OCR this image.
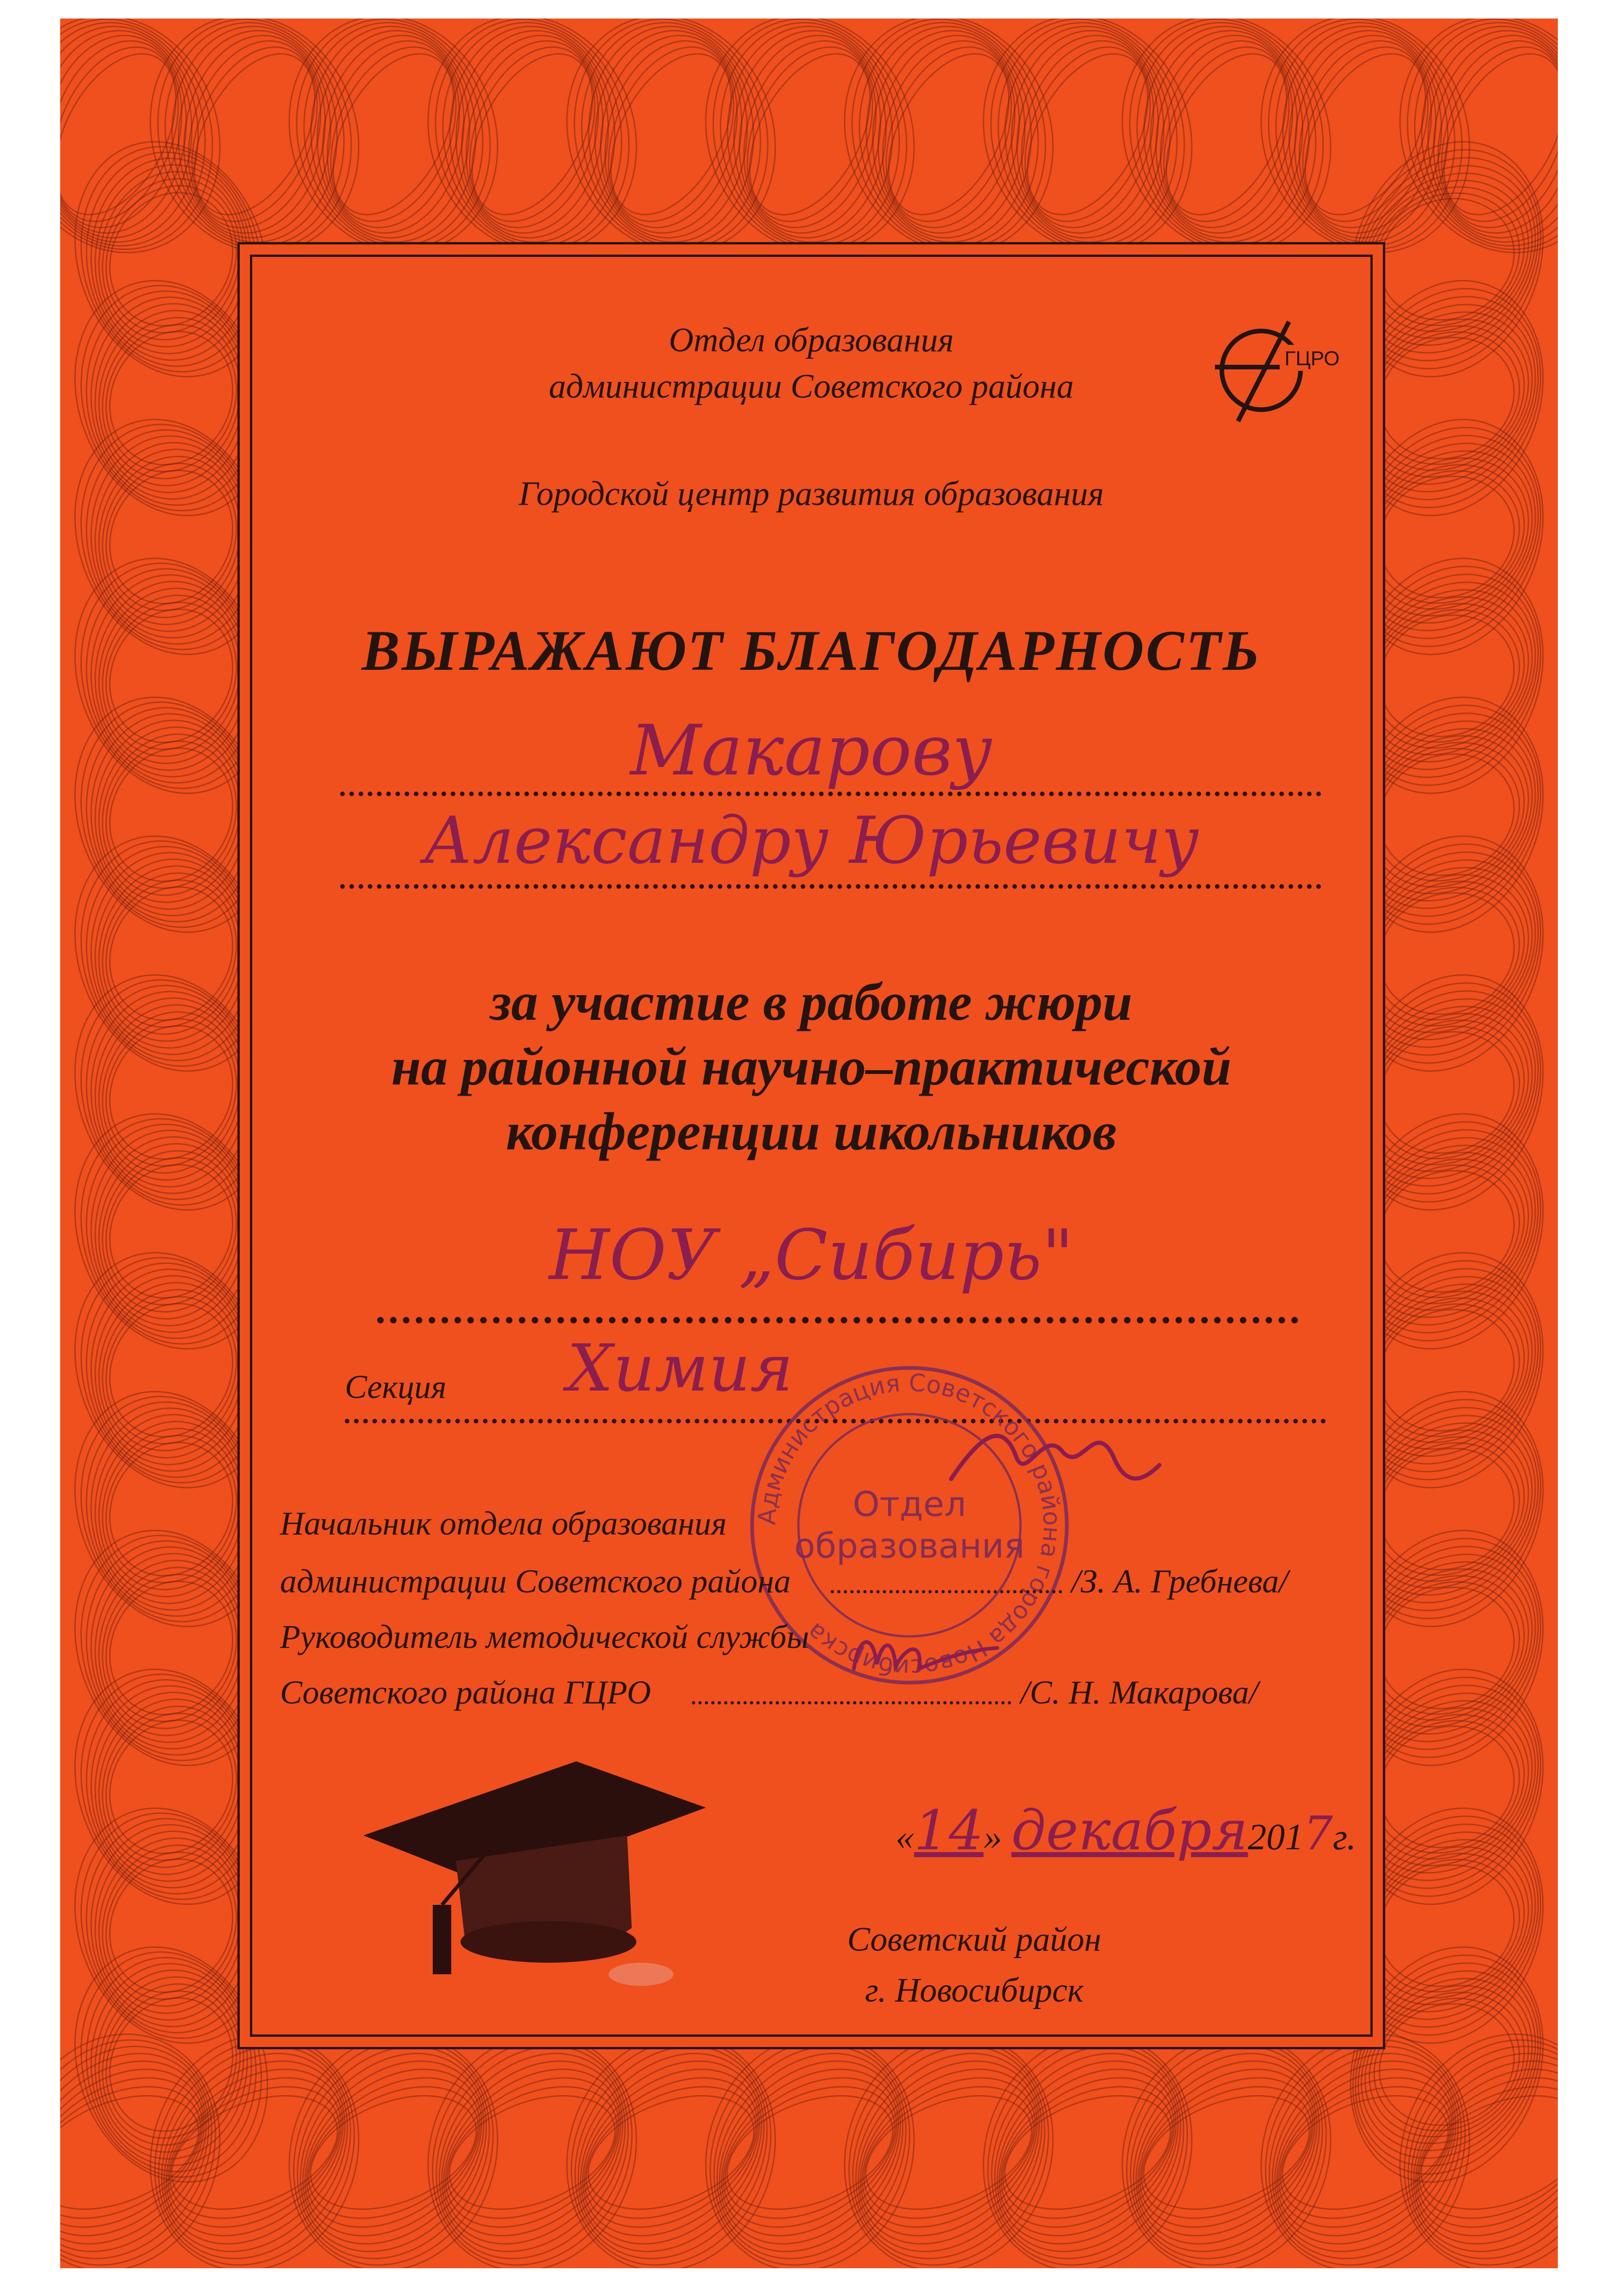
Отдел образования
администрации Советского района
ГЦРО
Городской центр развития образования
ВЫРАЖАЮТ БЛАГОДАРНОСТЬ
Макарову
Александру Юрьевичу
за участие в работе жюри
на районной научно–практической
конференции школьников
НОУ „Сибирь"
Секция Химия
Администрация Советского района города Новосибирска
Отдел
образования
Начальник отдела образования
администрации Советского района	/З. А. Гребнева/
Руководитель методической службы
Советского района ГЦРО	/С. Н. Макарова/
«14» декабря2017г.
Советский район
г. Новосибирск
